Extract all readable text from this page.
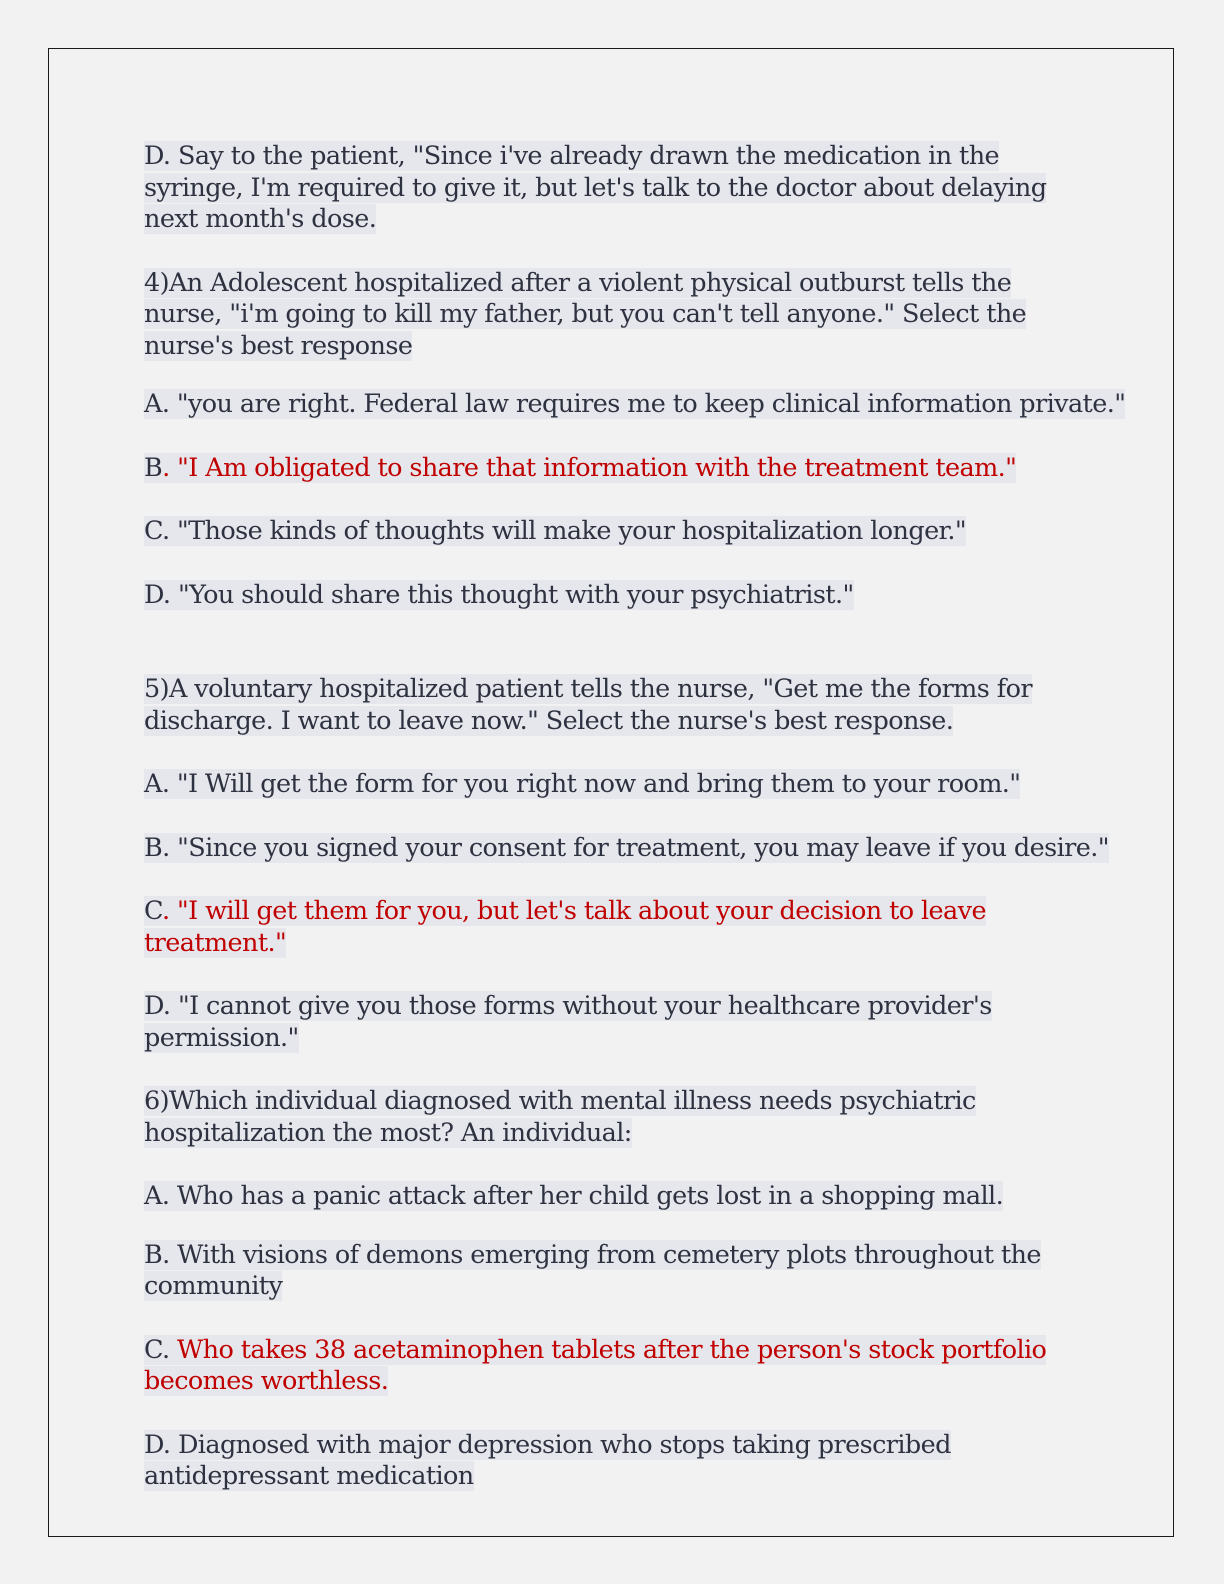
D. Say to the patient, "Since i've already drawn the medication in the
syringe, I'm required to give it, but let's talk to the doctor about delaying
next month's dose.
4)An Adolescent hospitalized after a violent physical outburst tells the
nurse, "i'm going to kill my father, but you can't tell anyone." Select the
nurse's best response
A. "you are right. Federal law requires me to keep clinical information private."
B. "I Am obligated to share that information with the treatment team."
C. "Those kinds of thoughts will make your hospitalization longer."
D. "You should share this thought with your psychiatrist."
5)A voluntary hospitalized patient tells the nurse, "Get me the forms for
discharge. I want to leave now." Select the nurse's best response.
A. "I Will get the form for you right now and bring them to your room."
B. "Since you signed your consent for treatment, you may leave if you desire."
C. "I will get them for you, but let's talk about your decision to leave
treatment."
D. "I cannot give you those forms without your healthcare provider's
permission."
6)Which individual diagnosed with mental illness needs psychiatric
hospitalization the most? An individual:
A. Who has a panic attack after her child gets lost in a shopping mall.
B. With visions of demons emerging from cemetery plots throughout the
community
C. Who takes 38 acetaminophen tablets after the person's stock portfolio
becomes worthless.
D. Diagnosed with major depression who stops taking prescribed
antidepressant medication
